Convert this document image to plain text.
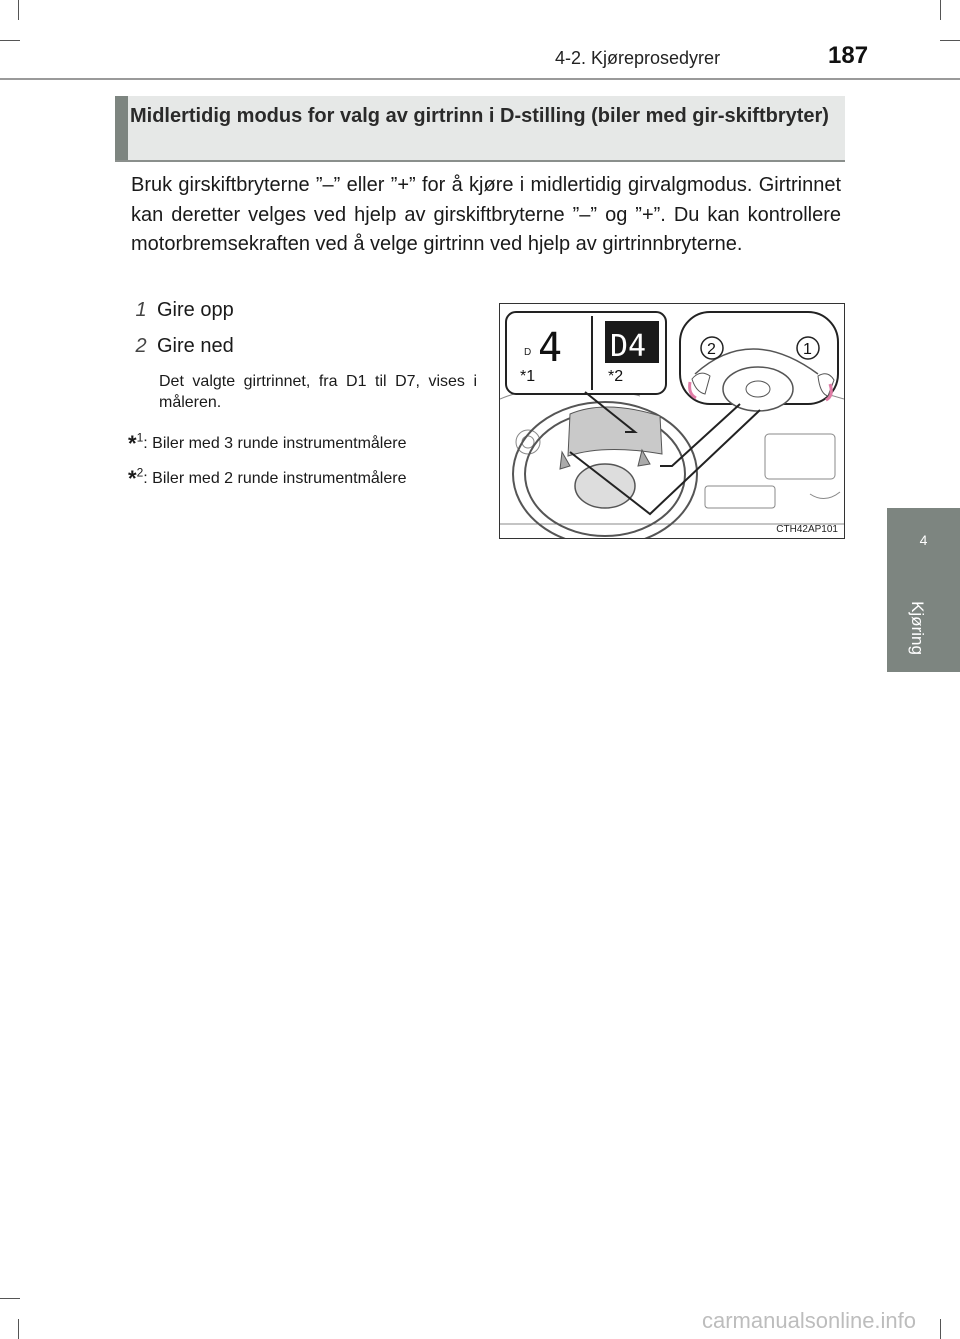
4-2. Kjøreprosedyrer	187
4
Kjøring
Midlertidig modus for valg av girtrinn i D-stilling (biler med gir-skiftbryter)
Bruk girskiftbryterne ”–” eller ”+” for å kjøre i midlertidig girvalgmodus. Girtrinnet kan deretter velges ved hjelp av girskiftbryterne ”–” og ”+”. Du kan kontrollere motorbremsekraften ved å velge girtrinn ved hjelp av girtrinnbryterne.
1 Gire opp
2 Gire ned
Det valgte girtrinnet, fra D1 til D7, vises i måleren.
*$^1$: Biler med 3 runde instrumentmålere
*$^2$: Biler med 2 runde instrumentmålere
D 4 D4
*1	*2
2	1
CTH42AP101
carmanualsonline.info
